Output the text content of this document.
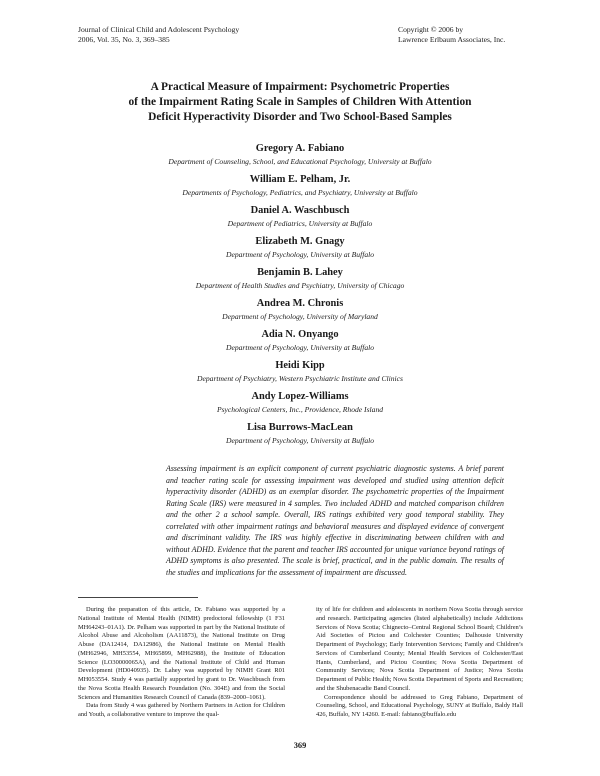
Journal of Clinical Child and Adolescent Psychology
2006, Vol. 35, No. 3, 369–385
Copyright © 2006 by
Lawrence Erlbaum Associates, Inc.
A Practical Measure of Impairment: Psychometric Properties
of the Impairment Rating Scale in Samples of Children With Attention
Deficit Hyperactivity Disorder and Two School-Based Samples
Gregory A. Fabiano
Department of Counseling, School, and Educational Psychology, University at Buffalo
William E. Pelham, Jr.
Departments of Psychology, Pediatrics, and Psychiatry, University at Buffalo
Daniel A. Waschbusch
Department of Pediatrics, University at Buffalo
Elizabeth M. Gnagy
Department of Psychology, University at Buffalo
Benjamin B. Lahey
Department of Health Studies and Psychiatry, University of Chicago
Andrea M. Chronis
Department of Psychology, University of Maryland
Adia N. Onyango
Department of Psychology, University at Buffalo
Heidi Kipp
Department of Psychiatry, Western Psychiatric Institute and Clinics
Andy Lopez-Williams
Psychological Centers, Inc., Providence, Rhode Island
Lisa Burrows-MacLean
Department of Psychology, University at Buffalo
Assessing impairment is an explicit component of current psychiatric diagnostic systems. A brief parent and teacher rating scale for assessing impairment was developed and studied using attention deficit hyperactivity disorder (ADHD) as an exemplar disorder. The psychometric properties of the Impairment Rating Scale (IRS) were measured in 4 samples. Two included ADHD and matched comparison children and the other 2 a school sample. Overall, IRS ratings exhibited very good temporal stability. They correlated with other impairment ratings and behavioral measures and displayed evidence of convergent and discriminant validity. The IRS was highly effective in discriminating between children with and without ADHD. Evidence that the parent and teacher IRS accounted for unique variance beyond ratings of ADHD symptoms is also presented. The scale is brief, practical, and in the public domain. The results of the studies and implications for the assessment of impairment are discussed.

During the preparation of this article, Dr. Fabiano was supported by a National Institute of Mental Health (NIMH) predoctoral fellowship (1 F31 MH64243–01A1). Dr. Pelham was supported in part by the National Institute of Alcohol Abuse and Alcoholism (AA11873), the National Institute on Drug Abuse (DA12414, DA12986), the National Institute on Mental Health (MH62946, MH53554, MH65899, MH62988), the Institute of Education Science (LO30000065A), and the National Institute of Child and Human Development (HD040935). Dr. Lahey was supported by NIMH Grant R01 MH053554. Study 4 was partially supported by grant to Dr. Waschbusch from the Nova Scotia Health Research Foundation (No. 304E) and from the Social Sciences and Humanities Research Council of Canada (839–2000–1061).

Data from Study 4 was gathered by Northern Partners in Action for Children and Youth, a collaborative venture to improve the qual-

ity of life for children and adolescents in northern Nova Scotia through service and research. Participating agencies (listed alphabetically) include Addictions Services of Nova Scotia; Chignecto–Central Regional School Board; Children’s Aid Societies of Pictou and Colchester Counties; Dalhousie University Department of Psychology; Early Intervention Services; Family and Children’s Services of Cumberland County; Mental Health Services of Colchester/East Hants, Cumberland, and Pictou Counties; Nova Scotia Department of Community Services; Nova Scotia Department of Justice; Nova Scotia Department of Public Health; Nova Scotia Department of Sports and Recreation; and the Shubenacadie Band Council.

Correspondence should be addressed to Greg Fabiano, Department of Counseling, School, and Educational Psychology, SUNY at Buffalo, Baldy Hall 426, Buffalo, NY 14260. E-mail: fabiano@buffalo.edu

369
